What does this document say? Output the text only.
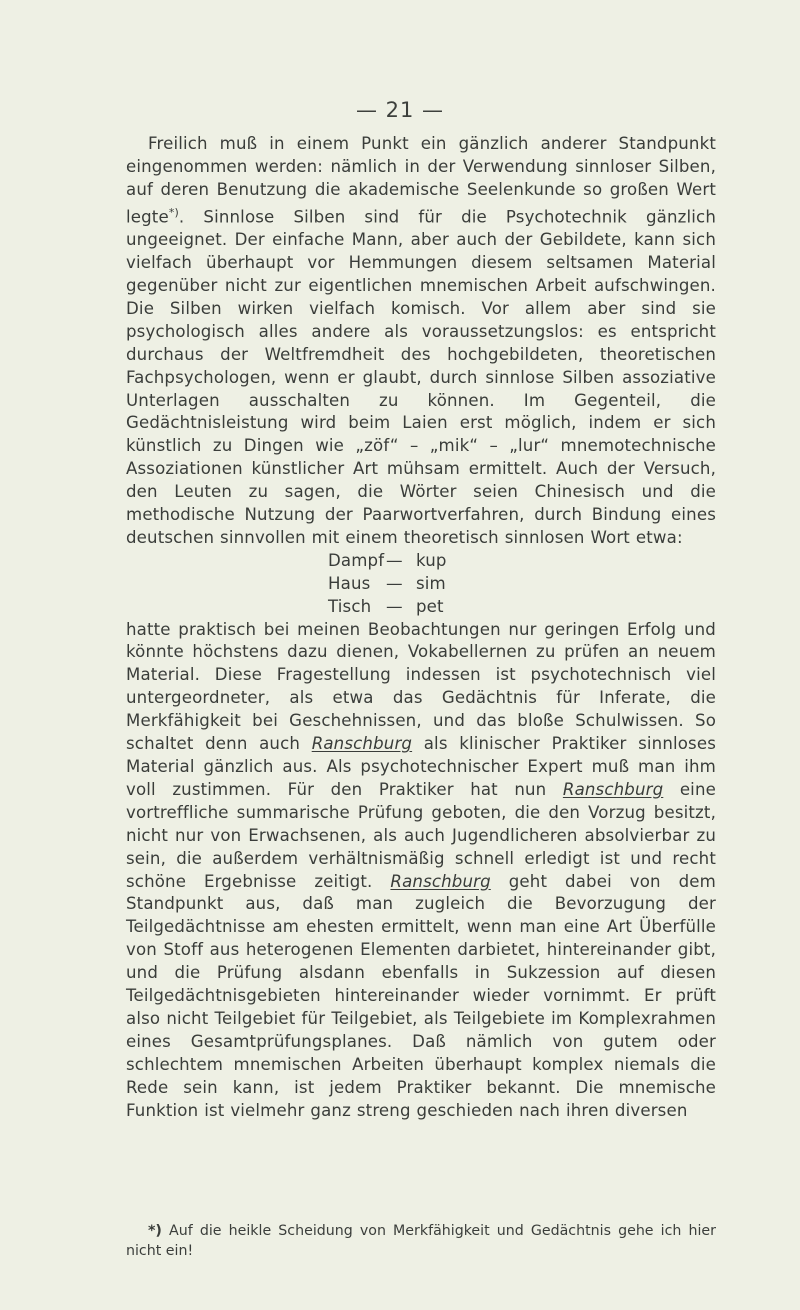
— 21 —

Freilich muß in einem Punkt ein gänzlich anderer Standpunkt eingenommen werden: nämlich in der Verwendung sinnloser Silben, auf deren Benutzung die akademische Seelenkunde so großen Wert legte*). Sinnlose Silben sind für die Psychotechnik gänzlich ungeeignet. Der einfache Mann, aber auch der Gebildete, kann sich vielfach überhaupt vor Hemmungen diesem seltsamen Material gegenüber nicht zur eigentlichen mnemischen Arbeit aufschwingen. Die Silben wirken vielfach komisch. Vor allem aber sind sie psychologisch alles andere als voraussetzungslos: es entspricht durchaus der Weltfremdheit des hochgebildeten, theoretischen Fachpsychologen, wenn er glaubt, durch sinnlose Silben assoziative Unterlagen ausschalten zu können. Im Gegenteil, die Gedächtnisleistung wird beim Laien erst möglich, indem er sich künstlich zu Dingen wie „zöf“ – „mik“ – „lur“ mnemotechnische Assoziationen künstlicher Art mühsam ermittelt. Auch der Versuch, den Leuten zu sagen, die Wörter seien Chinesisch und die methodische Nutzung der Paarwortverfahren, durch Bindung eines deutschen sinnvollen mit einem theoretisch sinnlosen Wort etwa:

Dampf — kup
Haus — sim
Tisch — pet

hatte praktisch bei meinen Beobachtungen nur geringen Erfolg und könnte höchstens dazu dienen, Vokabellernen zu prüfen an neuem Material. Diese Fragestellung indessen ist psychotechnisch viel untergeordneter, als etwa das Gedächtnis für Inferate, die Merkfähigkeit bei Geschehnissen, und das bloße Schulwissen. So schaltet denn auch Ranschburg als klinischer Praktiker sinnloses Material gänzlich aus. Als psychotechnischer Expert muß man ihm voll zustimmen. Für den Praktiker hat nun Ranschburg eine vortreffliche summarische Prüfung geboten, die den Vorzug besitzt, nicht nur von Erwachsenen, als auch Jugendlicheren absolvierbar zu sein, die außerdem verhältnismäßig schnell erledigt ist und recht schöne Ergebnisse zeitigt. Ranschburg geht dabei von dem Standpunkt aus, daß man zugleich die Bevorzugung der Teilgedächtnisse am ehesten ermittelt, wenn man eine Art Überfülle von Stoff aus heterogenen Elementen darbietet, hintereinander gibt, und die Prüfung alsdann ebenfalls in Sukzession auf diesen Teilgedächtnisgebieten hintereinander wieder vornimmt. Er prüft also nicht Teilgebiet für Teilgebiet, als Teilgebiete im Komplexrahmen eines Gesamtprüfungsplanes. Daß nämlich von gutem oder schlechtem mnemischen Arbeiten überhaupt komplex niemals die Rede sein kann, ist jedem Praktiker bekannt. Die mnemische Funktion ist vielmehr ganz streng geschieden nach ihren diversen

*) Auf die heikle Scheidung von Merkfähigkeit und Gedächtnis gehe ich hier nicht ein!
